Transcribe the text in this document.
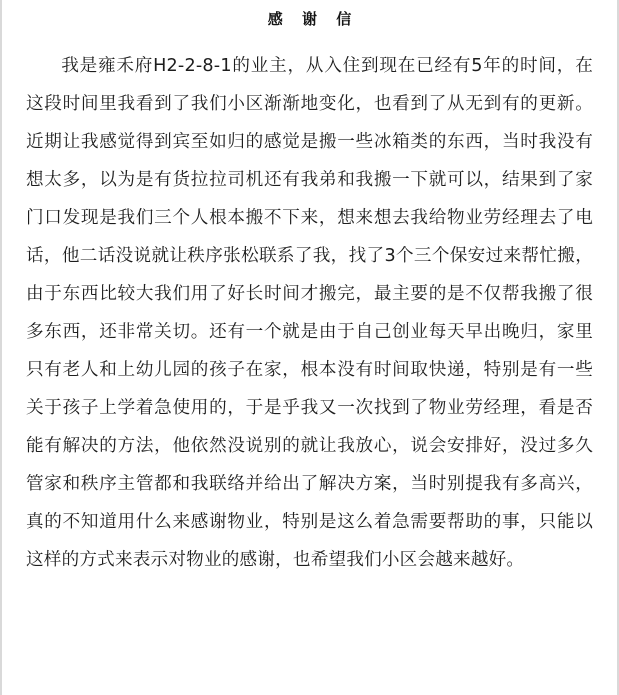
感 谢 信

我是雍禾府H2-2-8-1的业主，从入住到现在已经有5年的时间，在这段时间里我看到了我们小区渐渐地变化，也看到了从无到有的更新。近期让我感觉得到宾至如归的感觉是搬一些冰箱类的东西，当时我没有想太多，以为是有货拉拉司机还有我弟和我搬一下就可以，结果到了家门口发现是我们三个人根本搬不下来，想来想去我给物业劳经理去了电话，他二话没说就让秩序张松联系了我，找了3个三个保安过来帮忙搬，由于东西比较大我们用了好长时间才搬完，最主要的是不仅帮我搬了很多东西，还非常关切。还有一个就是由于自己创业每天早出晚归，家里只有老人和上幼儿园的孩子在家，根本没有时间取快递，特别是有一些关于孩子上学着急使用的，于是乎我又一次找到了物业劳经理，看是否能有解决的方法，他依然没说别的就让我放心，说会安排好，没过多久管家和秩序主管都和我联络并给出了解决方案，当时别提我有多高兴，真的不知道用什么来感谢物业，特别是这么着急需要帮助的事，只能以这样的方式来表示对物业的感谢，也希望我们小区会越来越好。
